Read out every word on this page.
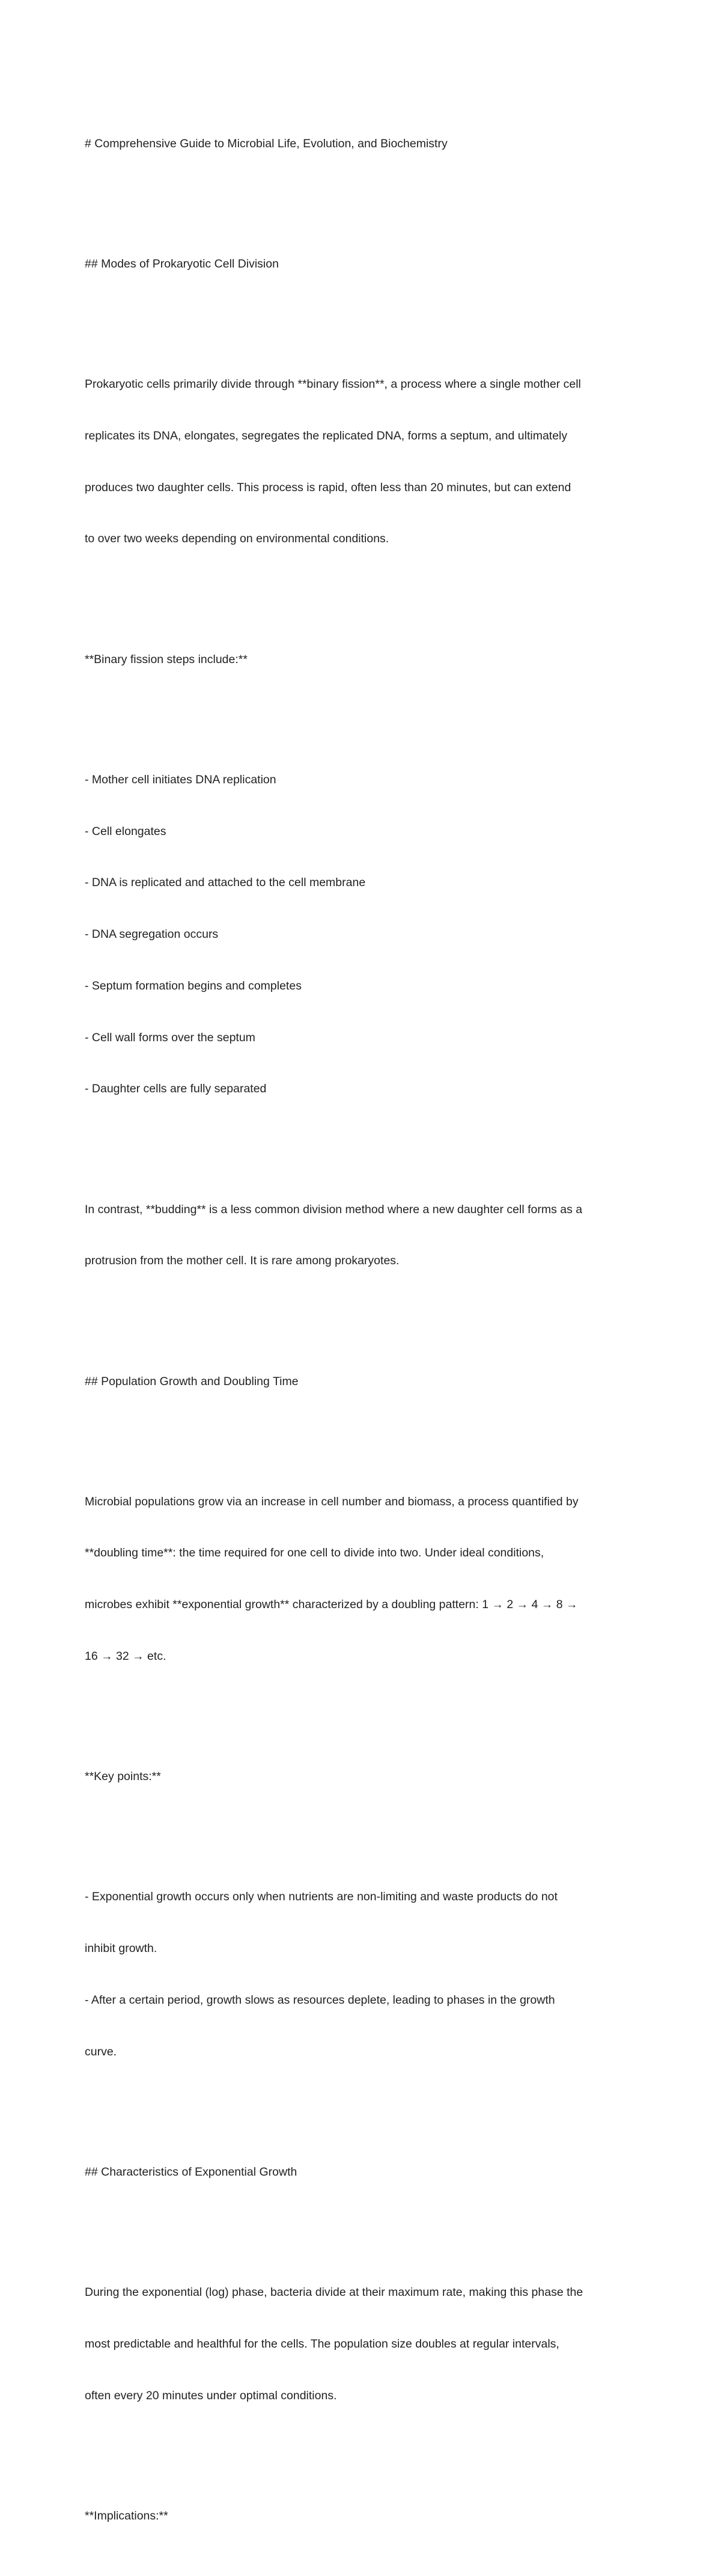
# Comprehensive Guide to Microbial Life, Evolution, and Biochemistry

## Modes of Prokaryotic Cell Division

Prokaryotic cells primarily divide through **binary fission**, a process where a single mother cell

replicates its DNA, elongates, segregates the replicated DNA, forms a septum, and ultimately

produces two daughter cells. This process is rapid, often less than 20 minutes, but can extend

to over two weeks depending on environmental conditions.

**Binary fission steps include:**

- Mother cell initiates DNA replication

- Cell elongates

- DNA is replicated and attached to the cell membrane

- DNA segregation occurs

- Septum formation begins and completes

- Cell wall forms over the septum

- Daughter cells are fully separated

In contrast, **budding** is a less common division method where a new daughter cell forms as a

protrusion from the mother cell. It is rare among prokaryotes.

## Population Growth and Doubling Time

Microbial populations grow via an increase in cell number and biomass, a process quantified by

**doubling time**: the time required for one cell to divide into two. Under ideal conditions,

microbes exhibit **exponential growth** characterized by a doubling pattern: 1 → 2 → 4 → 8 →

16 → 32 → etc.

**Key points:**

- Exponential growth occurs only when nutrients are non-limiting and waste products do not

inhibit growth.

- After a certain period, growth slows as resources deplete, leading to phases in the growth

curve.

## Characteristics of Exponential Growth

During the exponential (log) phase, bacteria divide at their maximum rate, making this phase the

most predictable and healthful for the cells. The population size doubles at regular intervals,

often every 20 minutes under optimal conditions.

**Implications:**
